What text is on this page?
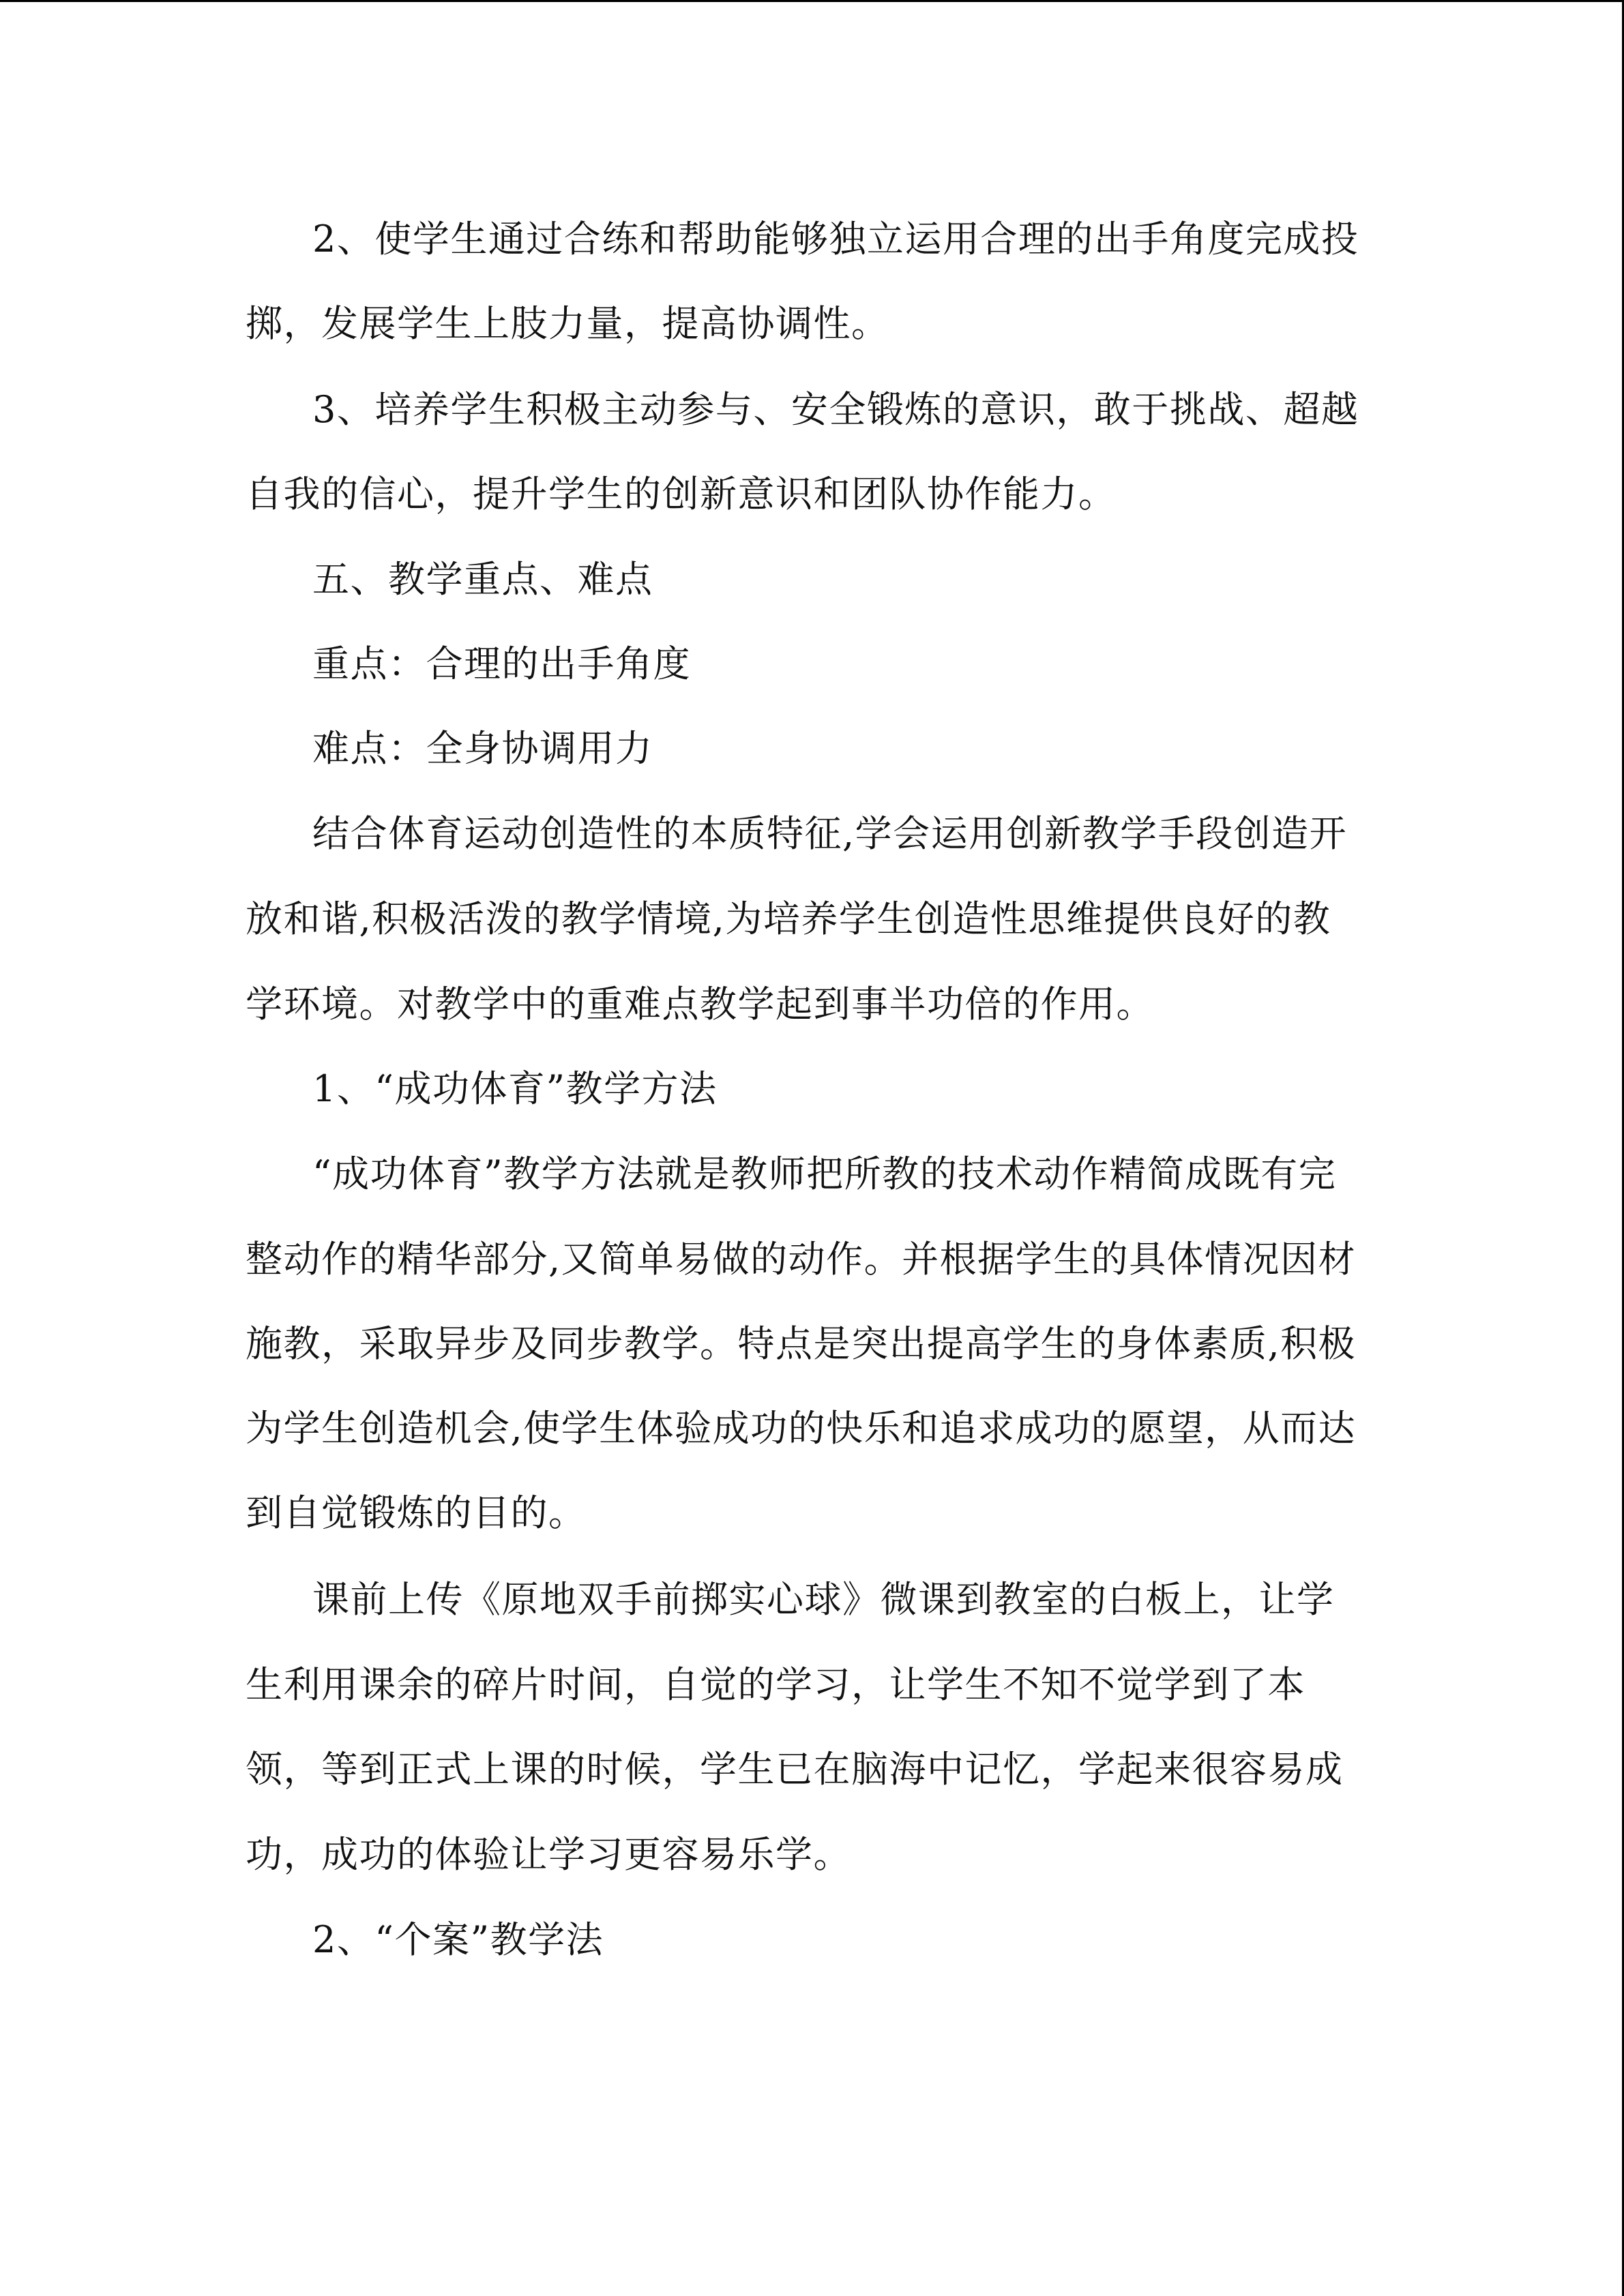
2、使学生通过合练和帮助能够独立运用合理的出手角度完成投

掷，发展学生上肢力量，提高协调性。

3、培养学生积极主动参与、安全锻炼的意识，敢于挑战、超越

自我的信心，提升学生的创新意识和团队协作能力。

五、教学重点、难点

重点：合理的出手角度

难点：全身协调用力

结合体育运动创造性的本质特征,学会运用创新教学手段创造开

放和谐,积极活泼的教学情境,为培养学生创造性思维提供良好的教

学环境。对教学中的重难点教学起到事半功倍的作用。

1、“成功体育”教学方法

“成功体育”教学方法就是教师把所教的技术动作精简成既有完

整动作的精华部分,又简单易做的动作。并根据学生的具体情况因材

施教，采取异步及同步教学。特点是突出提高学生的身体素质,积极

为学生创造机会,使学生体验成功的快乐和追求成功的愿望，从而达

到自觉锻炼的目的。

课前上传《原地双手前掷实心球》微课到教室的白板上，让学

生利用课余的碎片时间，自觉的学习，让学生不知不觉学到了本

领，等到正式上课的时候，学生已在脑海中记忆，学起来很容易成

功，成功的体验让学习更容易乐学。

2、“个案”教学法
